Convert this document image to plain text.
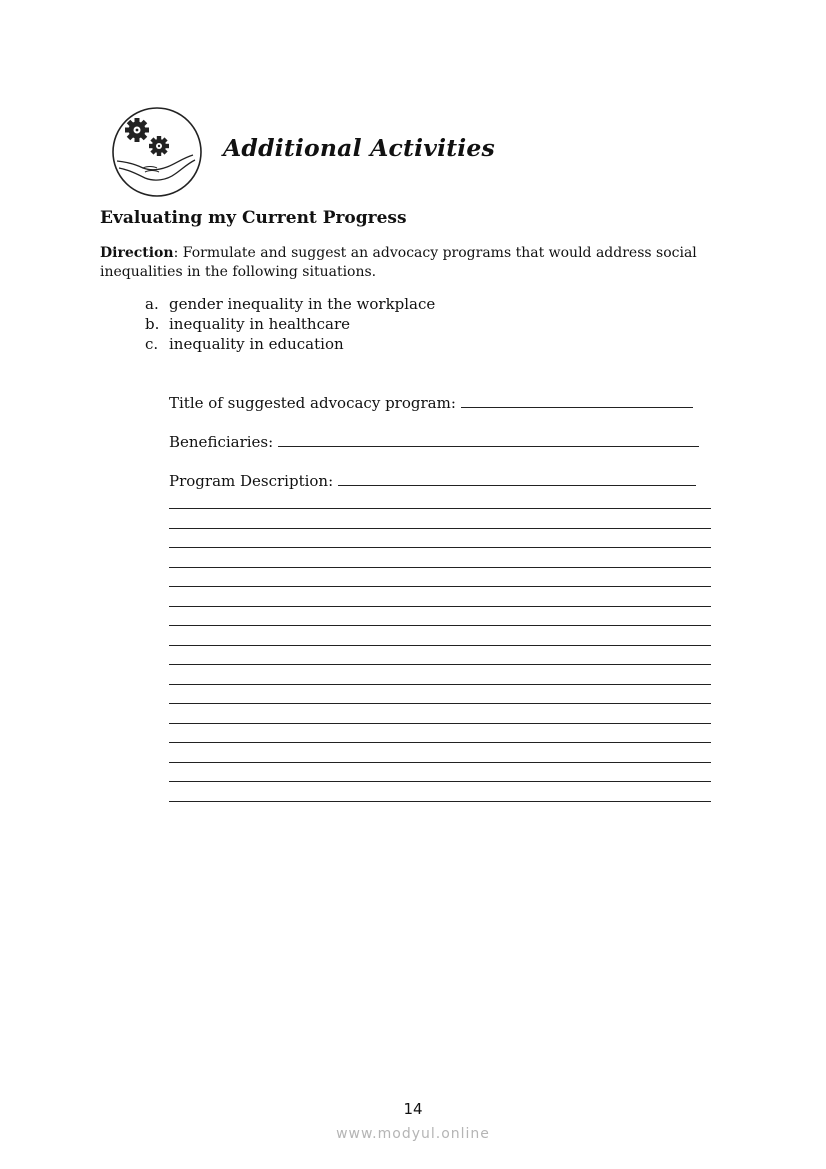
Additional Activities
Evaluating my Current Progress
Direction: Formulate and suggest an advocacy programs that would address social inequalities in the following situations.
a. gender inequality in the workplace
b. inequality in healthcare
c. inequality in education
Title of suggested advocacy program:
Beneficiaries:
Program Description:
14
www.modyul.online
